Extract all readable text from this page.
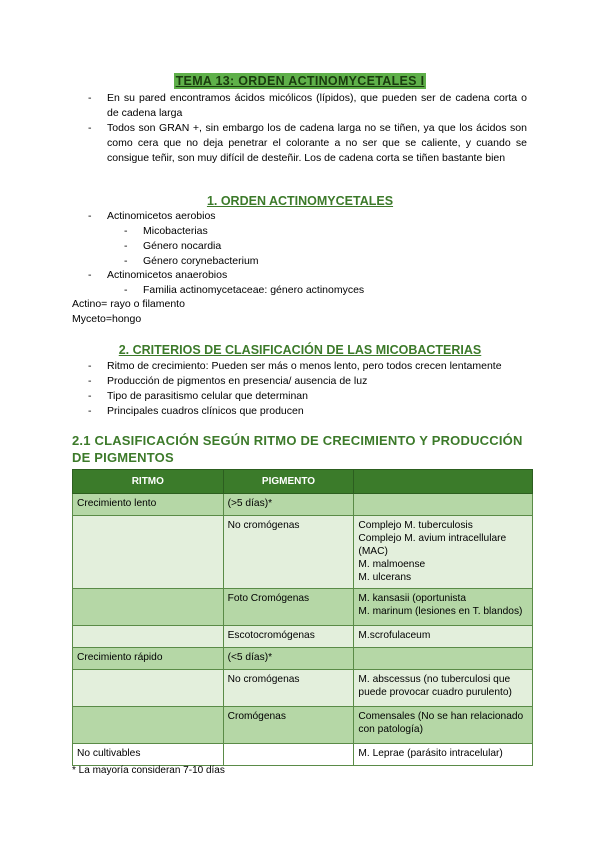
TEMA 13: ORDEN ACTINOMYCETALES I
- En su pared encontramos ácidos micólicos (lípidos), que pueden ser de cadena corta o de cadena larga
- Todos son GRAN +, sin embargo los de cadena larga no se tiñen, ya que los ácidos son como cera que no deja penetrar el colorante a no ser que se caliente, y cuando se consigue teñir, son muy difícil de desteñir. Los de cadena corta se tiñen bastante bien
1. ORDEN ACTINOMYCETALES
- Actinomicetos aerobios
- Micobacterias
- Género nocardia
- Género corynebacterium
- Actinomicetos anaerobios
- Familia actinomycetaceae: género actinomyces
Actino= rayo o filamento
Myceto=hongo
2. CRITERIOS DE CLASIFICACIÓN DE LAS MICOBACTERIAS
- Ritmo de crecimiento: Pueden ser más o menos lento, pero todos crecen lentamente
- Producción de pigmentos en presencia/ ausencia de luz
- Tipo de parasitismo celular que determinan
- Principales cuadros clínicos que producen
2.1 CLASIFICACIÓN SEGÚN RITMO DE CRECIMIENTO Y PRODUCCIÓN DE PIGMENTOS
RITMO	PIGMENTO	
Crecimiento lento	(>5 días)*	
	No cromógenas	Complejo M. tuberculosis
Complejo M. avium intracellulare (MAC)
M. malmoense
M. ulcerans
	Foto Cromógenas	M. kansasii (oportunista
M. marinum (lesiones en T. blandos)
	Escotocromógenas	M.scrofulaceum
Crecimiento rápido	(<5 días)*	
	No cromógenas	M. abscessus (no tuberculosi que puede provocar cuadro purulento)
	Cromógenas	Comensales (No se han relacionado con patología)
No cultivables		M. Leprae (parásito intracelular)
* La mayoría consideran 7-10 días
